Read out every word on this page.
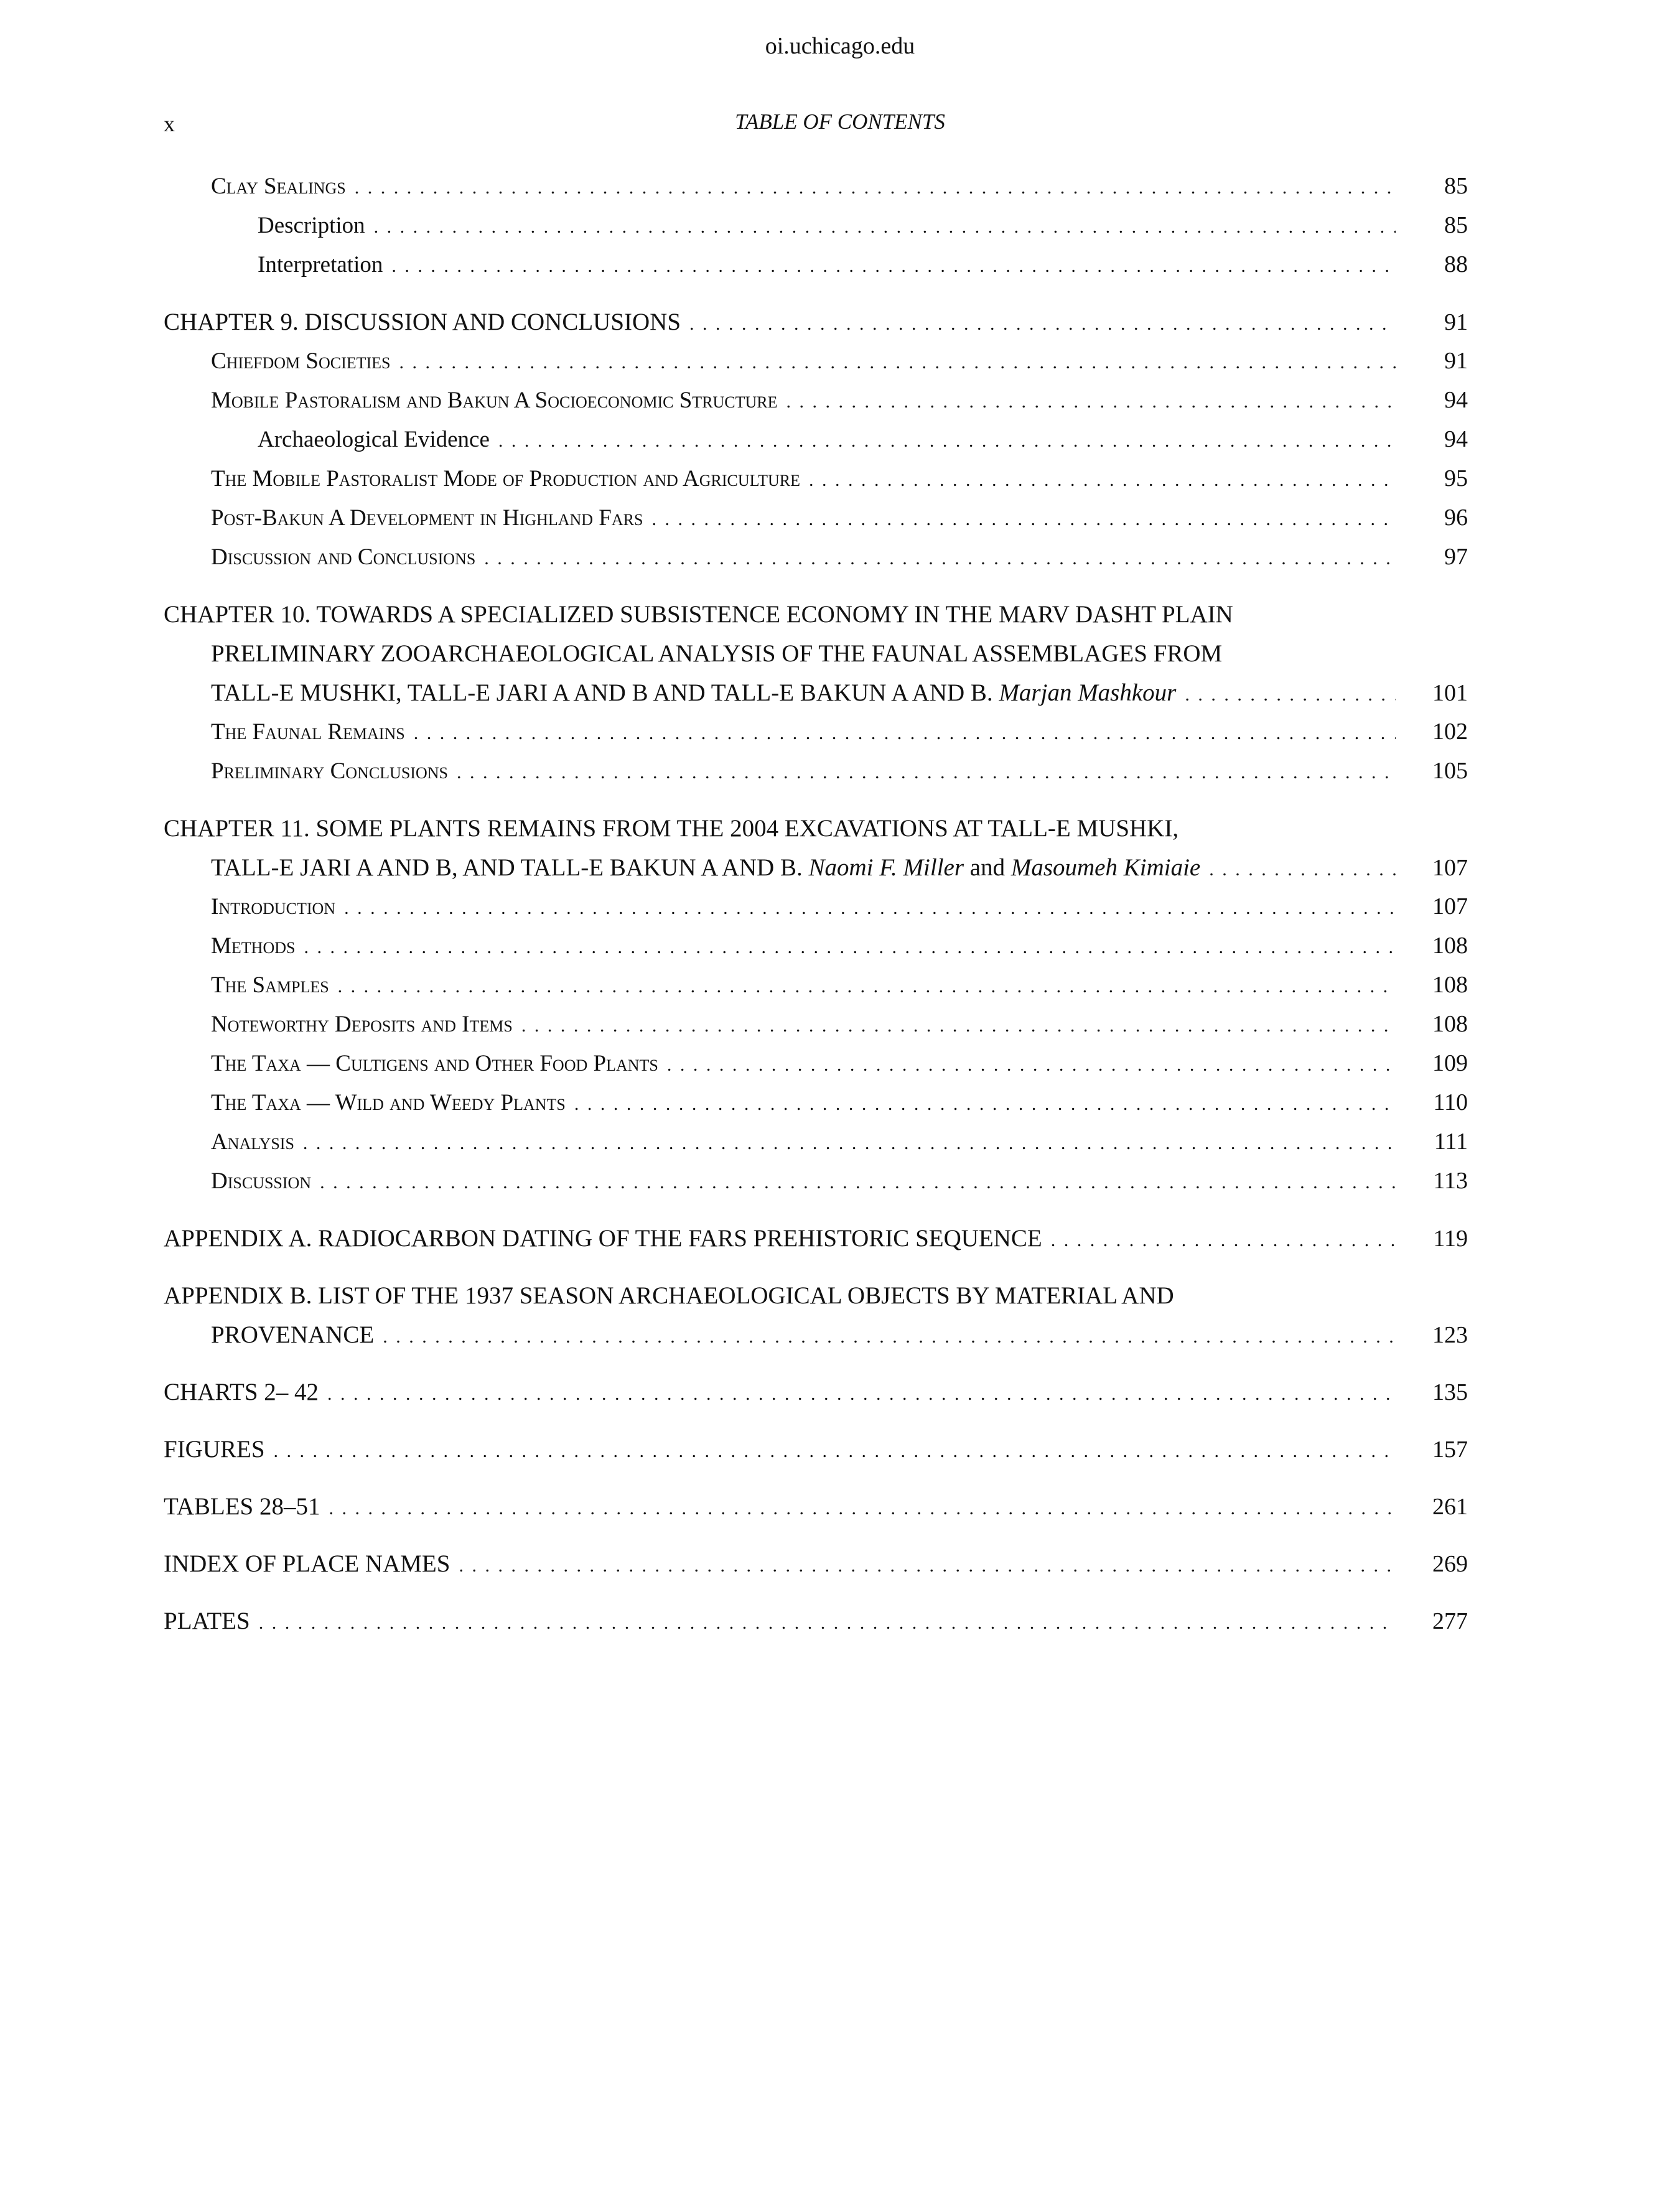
oi.uchicago.edu
x	TABLE OF CONTENTS
Clay Sealings . . .	85
Description . . .	85
Interpretation . . .	88
CHAPTER 9. DISCUSSION AND CONCLUSIONS . . .	91
Chiefdom Societies . . .	91
Mobile Pastoralism and Bakun A Socioeconomic Structure . . .	94
Archaeological Evidence . . .	94
The Mobile Pastoralist Mode of Production and Agriculture . . .	95
Post-Bakun A Development in Highland Fars . . .	96
Discussion and Conclusions . . .	97
CHAPTER 10. TOWARDS A SPECIALIZED SUBSISTENCE ECONOMY IN THE MARV DASHT PLAIN
PRELIMINARY ZOOARCHAEOLOGICAL ANALYSIS OF THE FAUNAL ASSEMBLAGES FROM
TALL-E MUSHKI, TALL-E JARI A AND B AND TALL-E BAKUN A AND B.
Marjan Mashkour . . .	101
The Faunal Remains . . .	102
Preliminary Conclusions . . .	105
CHAPTER 11. SOME PLANTS REMAINS FROM THE 2004 EXCAVATIONS AT TALL-E MUSHKI,
TALL-E JARI A AND B, AND TALL-E BAKUN A AND B.
Naomi F. Miller
and
Masoumeh Kimiaie . . .	107
Introduction . . .	107
Methods . . .	108
The Samples . . .	108
Noteworthy Deposits and Items . . .	108
The Taxa — Cultigens and Other Food Plants . . .	109
The Taxa — Wild and Weedy Plants . . .	110
Analysis . . .	111
Discussion . . .	113
APPENDIX A. RADIOCARBON DATING OF THE FARS PREHISTORIC SEQUENCE . . .	119
APPENDIX B. LIST OF THE 1937 SEASON ARCHAEOLOGICAL OBJECTS BY MATERIAL AND
PROVENANCE . . .	123
CHARTS 2– 42 . . .	135
FIGURES . . .	157
TABLES 28–51 . . .	261
INDEX OF PLACE NAMES . . .	269
PLATES . . .	277
